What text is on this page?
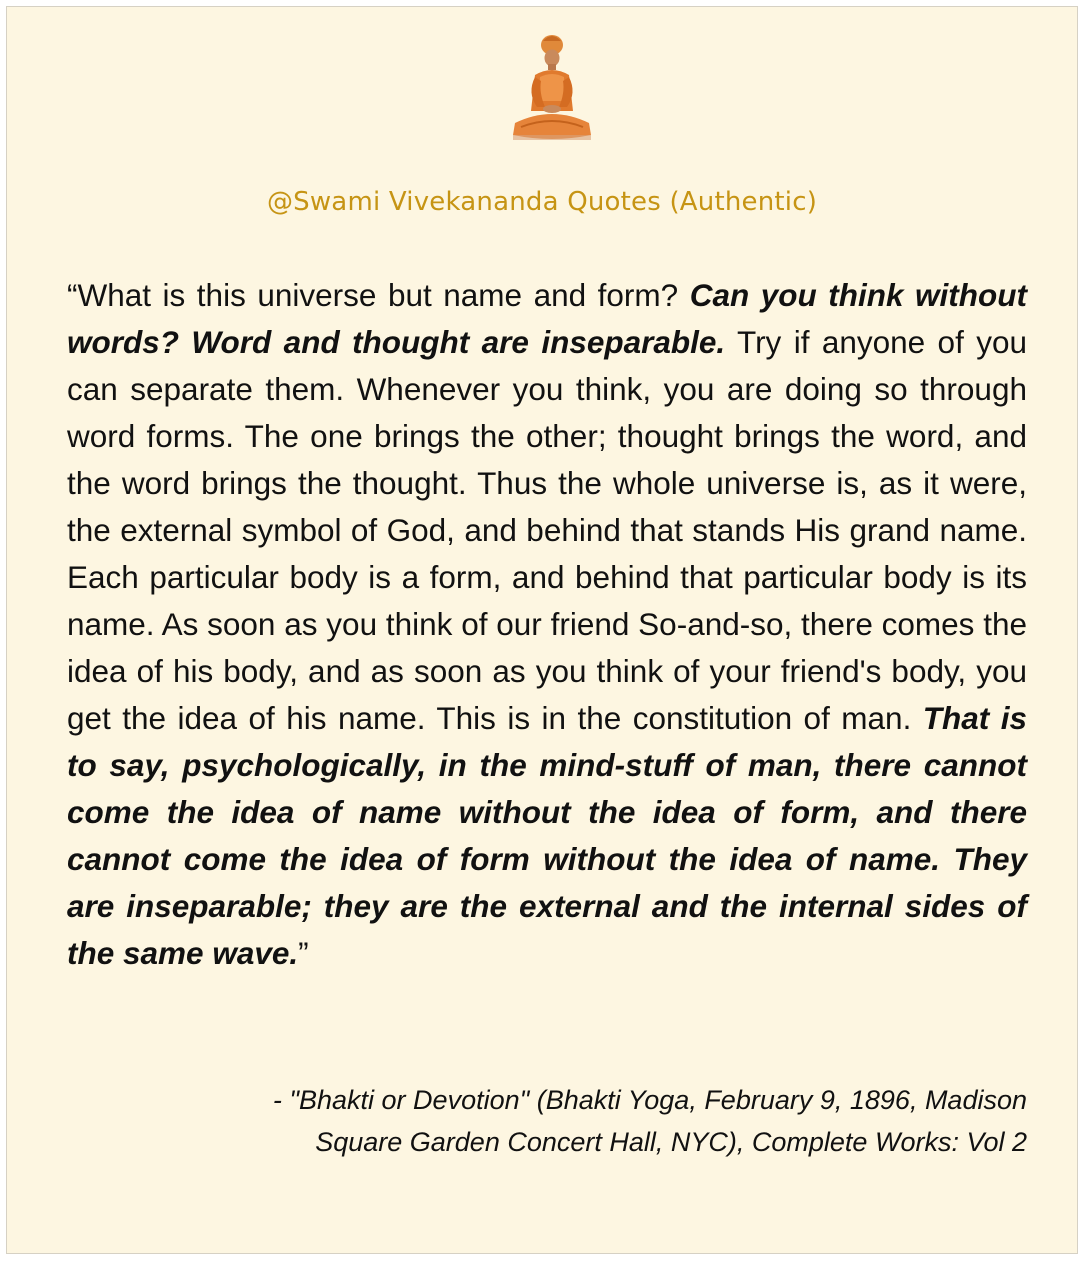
@Swami Vivekananda Quotes (Authentic)

“What is this universe but name and form? Can you think without words? Word and thought are inseparable. Try if anyone of you can separate them. Whenever you think, you are doing so through word forms. The one brings the other; thought brings the word, and the word brings the thought. Thus the whole universe is, as it were, the external symbol of God, and behind that stands His grand name. Each particular body is a form, and behind that particular body is its name. As soon as you think of our friend So-and-so, there comes the idea of his body, and as soon as you think of your friend's body, you get the idea of his name. This is in the constitution of man. That is to say, psychologically, in the mind-stuff of man, there cannot come the idea of name without the idea of form, and there cannot come the idea of form without the idea of name. They are inseparable; they are the external and the internal sides of the same wave.”

- "Bhakti or Devotion" (Bhakti Yoga, February 9, 1896, Madison
Square Garden Concert Hall, NYC), Complete Works: Vol 2
